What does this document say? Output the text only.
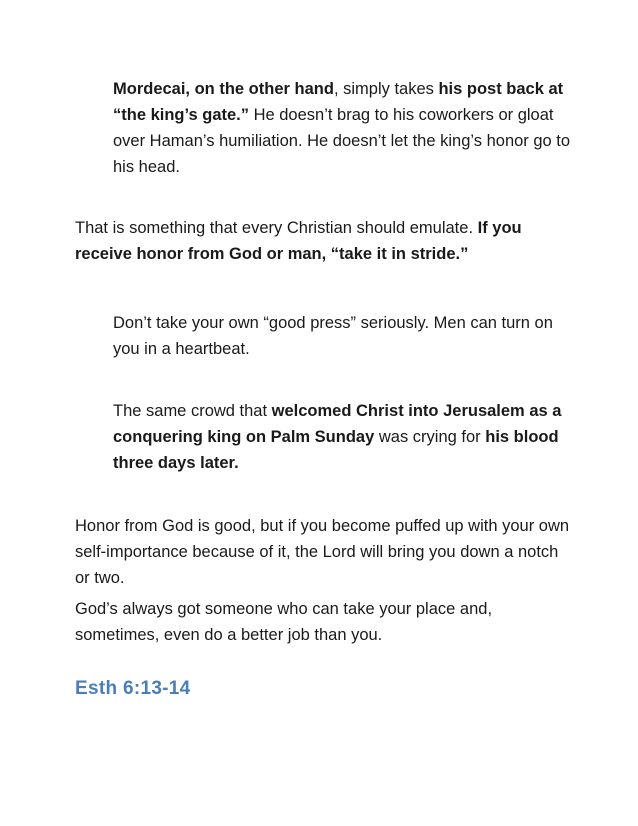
Mordecai, on the other hand, simply takes his post back at “the king’s gate.” He doesn’t brag to his coworkers or gloat over Haman’s humiliation. He doesn’t let the king’s honor go to his head.

That is something that every Christian should emulate. If you receive honor from God or man, “take it in stride.”

Don’t take your own “good press” seriously. Men can turn on you in a heartbeat.

The same crowd that welcomed Christ into Jerusalem as a conquering king on Palm Sunday was crying for his blood three days later.

Honor from God is good, but if you become puffed up with your own self-importance because of it, the Lord will bring you down a notch or two.

God’s always got someone who can take your place and, sometimes, even do a better job than you.

Esth 6:13-14
